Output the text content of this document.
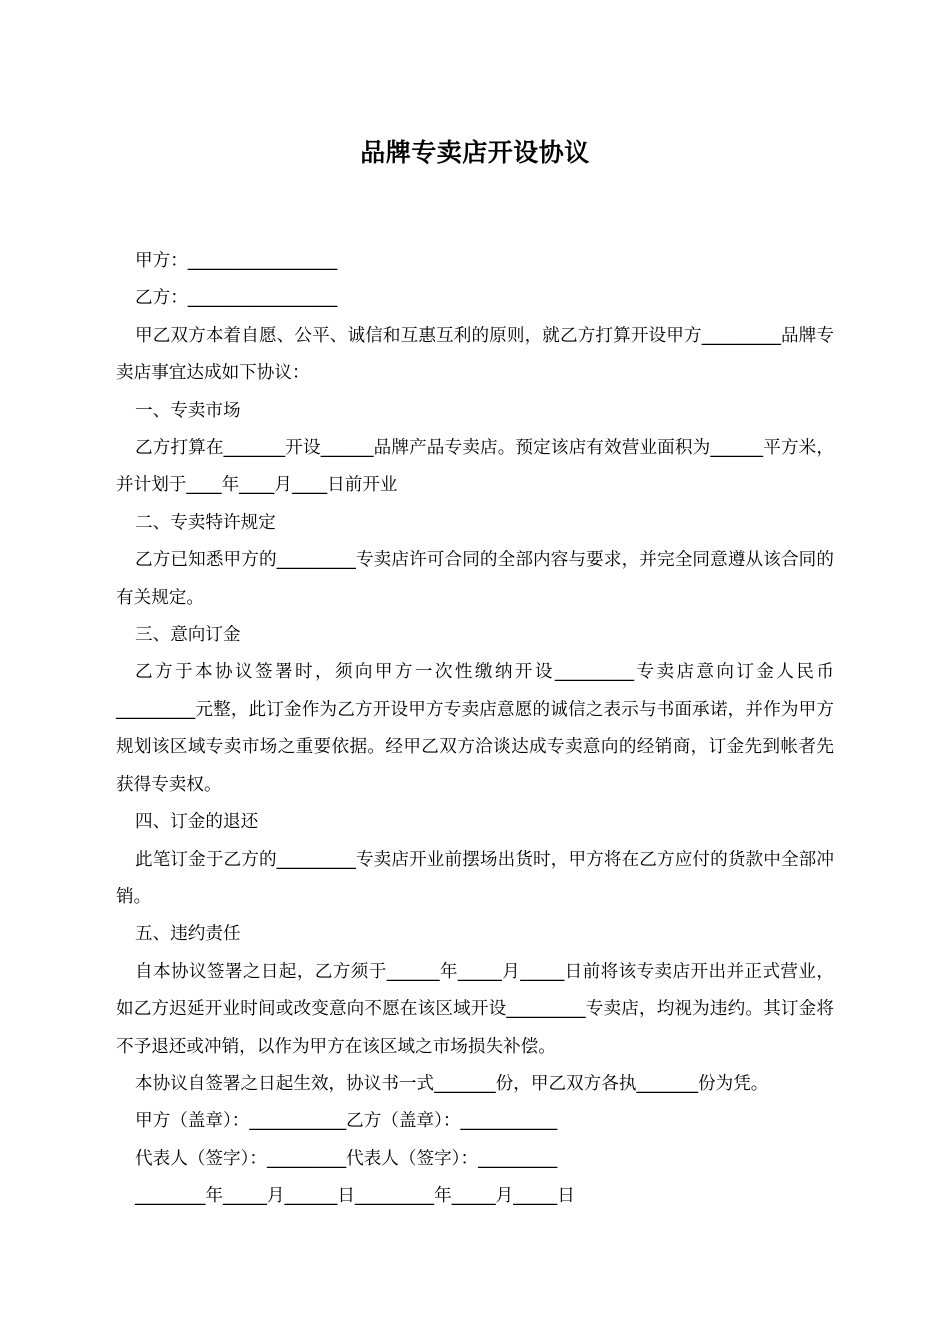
品牌专卖店开设协议

甲方：_________________

乙方：_________________

甲乙双方本着自愿、公平、诚信和互惠互利的原则，就乙方打算开设甲方_________品牌专卖店事宜达成如下协议：

一、专卖市场

乙方打算在_______开设______品牌产品专卖店。预定该店有效营业面积为______平方米，并计划于____年____月____日前开业

二、专卖特许规定

乙方已知悉甲方的_________专卖店许可合同的全部内容与要求，并完全同意遵从该合同的有关规定。

三、意向订金

乙方于本协议签署时，须向甲方一次性缴纳开设_________专卖店意向订金人民币_________元整，此订金作为乙方开设甲方专卖店意愿的诚信之表示与书面承诺，并作为甲方规划该区域专卖市场之重要依据。经甲乙双方洽谈达成专卖意向的经销商，订金先到帐者先获得专卖权。

四、订金的退还

此笔订金于乙方的_________专卖店开业前摆场出货时，甲方将在乙方应付的货款中全部冲销。

五、违约责任

自本协议签署之日起，乙方须于______年_____月_____日前将该专卖店开出并正式营业，如乙方迟延开业时间或改变意向不愿在该区域开设_________专卖店，均视为违约。其订金将不予退还或冲销，以作为甲方在该区域之市场损失补偿。

本协议自签署之日起生效，协议书一式_______份，甲乙双方各执_______份为凭。

甲方（盖章）：___________乙方（盖章）：___________

代表人（签字）：_________代表人（签字）：_________

________年_____月______日_________年_____月_____日
